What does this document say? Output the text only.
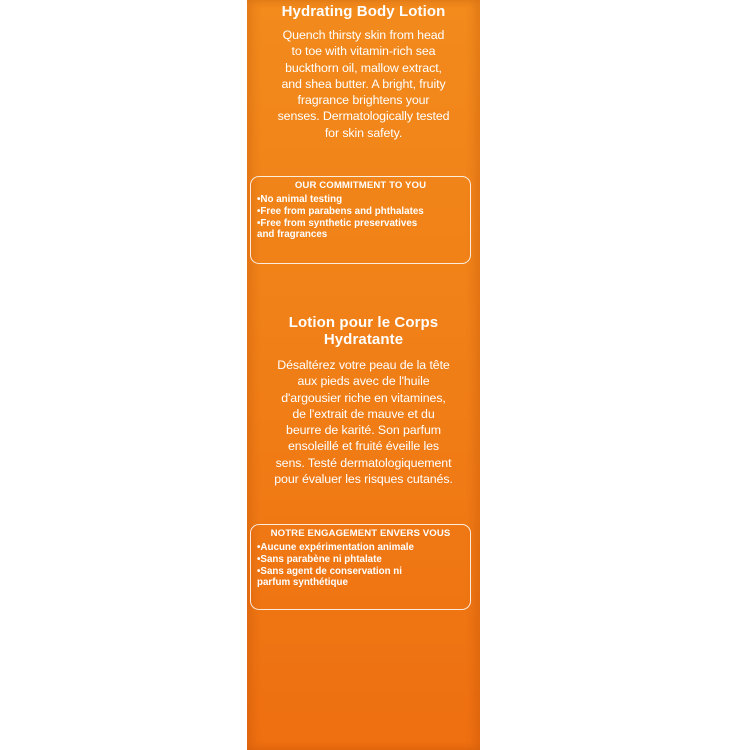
Hydrating Body Lotion
Quench thirsty skin from head
to toe with vitamin-rich sea
buckthorn oil, mallow extract,
and shea butter. A bright, fruity
fragrance brightens your
senses. Dermatologically tested
for skin safety.
OUR COMMITMENT TO YOU
•No animal testing
•Free from parabens and phthalates
•Free from synthetic preservatives
and fragrances
Lotion pour le Corps
Hydratante
Désaltérez votre peau de la tête
aux pieds avec de l'huile
d'argousier riche en vitamines,
de l'extrait de mauve et du
beurre de karité. Son parfum
ensoleillé et fruité éveille les
sens. Testé dermatologiquement
pour évaluer les risques cutanés.
NOTRE ENGAGEMENT ENVERS VOUS
•Aucune expérimentation animale
•Sans parabène ni phtalate
•Sans agent de conservation ni
parfum synthétique
